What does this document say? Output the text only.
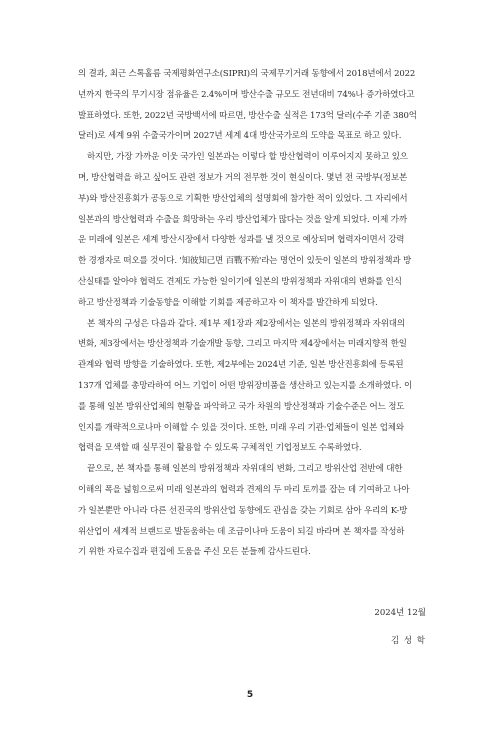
의 결과, 최근 스톡홀름 국제평화연구소(SIPRI)의 국제무기거래 동향에서 2018년에서 2022
년까지 한국의 무기시장 점유율은 2.4%이며 방산수출 규모도 전년대비 74%나 증가하였다고
발표하였다. 또한, 2022년 국방백서에 따르면, 방산수출 실적은 173억 달러(수주 기준 380억
달러)로 세계 9위 수출국가이며 2027년 세계 4대 방산국가로의 도약을 목표로 하고 있다.
하지만, 가장 가까운 이웃 국가인 일본과는 이렇다 할 방산협력이 이루어지지 못하고 있으
며, 방산협력을 하고 싶어도 관련 정보가 거의 전무한 것이 현실이다. 몇년 전 국방부(정보본
부)와 방산진흥회가 공동으로 기획한 방산업체의 설명회에 참가한 적이 있었다. 그 자리에서
일본과의 방산협력과 수출을 희망하는 우리 방산업체가 많다는 것을 알게 되었다. 이제 가까
운 미래에 일본은 세계 방산시장에서 다양한 성과를 낼 것으로 예상되며 협력자이면서 강력
한 경쟁자로 떠오를 것이다. '知彼知己면 百戰不殆'라는 명언이 있듯이 일본의 방위정책과 방
산실태를 알아야 협력도 견제도 가능한 일이기에 일본의 방위정책과 자위대의 변화를 인식
하고 방산정책과 기술동향을 이해할 기회를 제공하고자 이 책자를 발간하게 되었다.
본 책자의 구성은 다음과 같다. 제1부 제1장과 제2장에서는 일본의 방위정책과 자위대의
변화, 제3장에서는 방산정책과 기술개발 동향, 그리고 마지막 제4장에서는 미래지향적 한일
관계와 협력 방향을 기술하였다. 또한, 제2부에는 2024년 기준, 일본 방산진흥회에 등록된
137개 업체를 총망라하여 어느 기업이 어떤 방위장비품을 생산하고 있는지를 소개하였다. 이
를 통해 일본 방위산업체의 현황을 파악하고 국가 차원의 방산정책과 기술수준은 어느 정도
인지를 개략적으로나마 이해할 수 있을 것이다. 또한, 미래 우리 기관·업체들이 일본 업체와
협력을 모색할 때 실무진이 활용할 수 있도록 구체적인 기업정보도 수록하였다.
끝으로, 본 책자를 통해 일본의 방위정책과 자위대의 변화, 그리고 방위산업 전반에 대한
이해의 폭을 넓힘으로써 미래 일본과의 협력과 견제의 두 마리 토끼를 잡는 데 기여하고 나아
가 일본뿐만 아니라 다른 선진국의 방위산업 동향에도 관심을 갖는 기회로 삼아 우리의 K-방
위산업이 세계적 브랜드로 발돋움하는 데 조금이나마 도움이 되길 바라며 본 책자를 작성하
기 위한 자료수집과 편집에 도움을 주신 모든 분들께 감사드린다.
2024년 12월
김 성 학
5
